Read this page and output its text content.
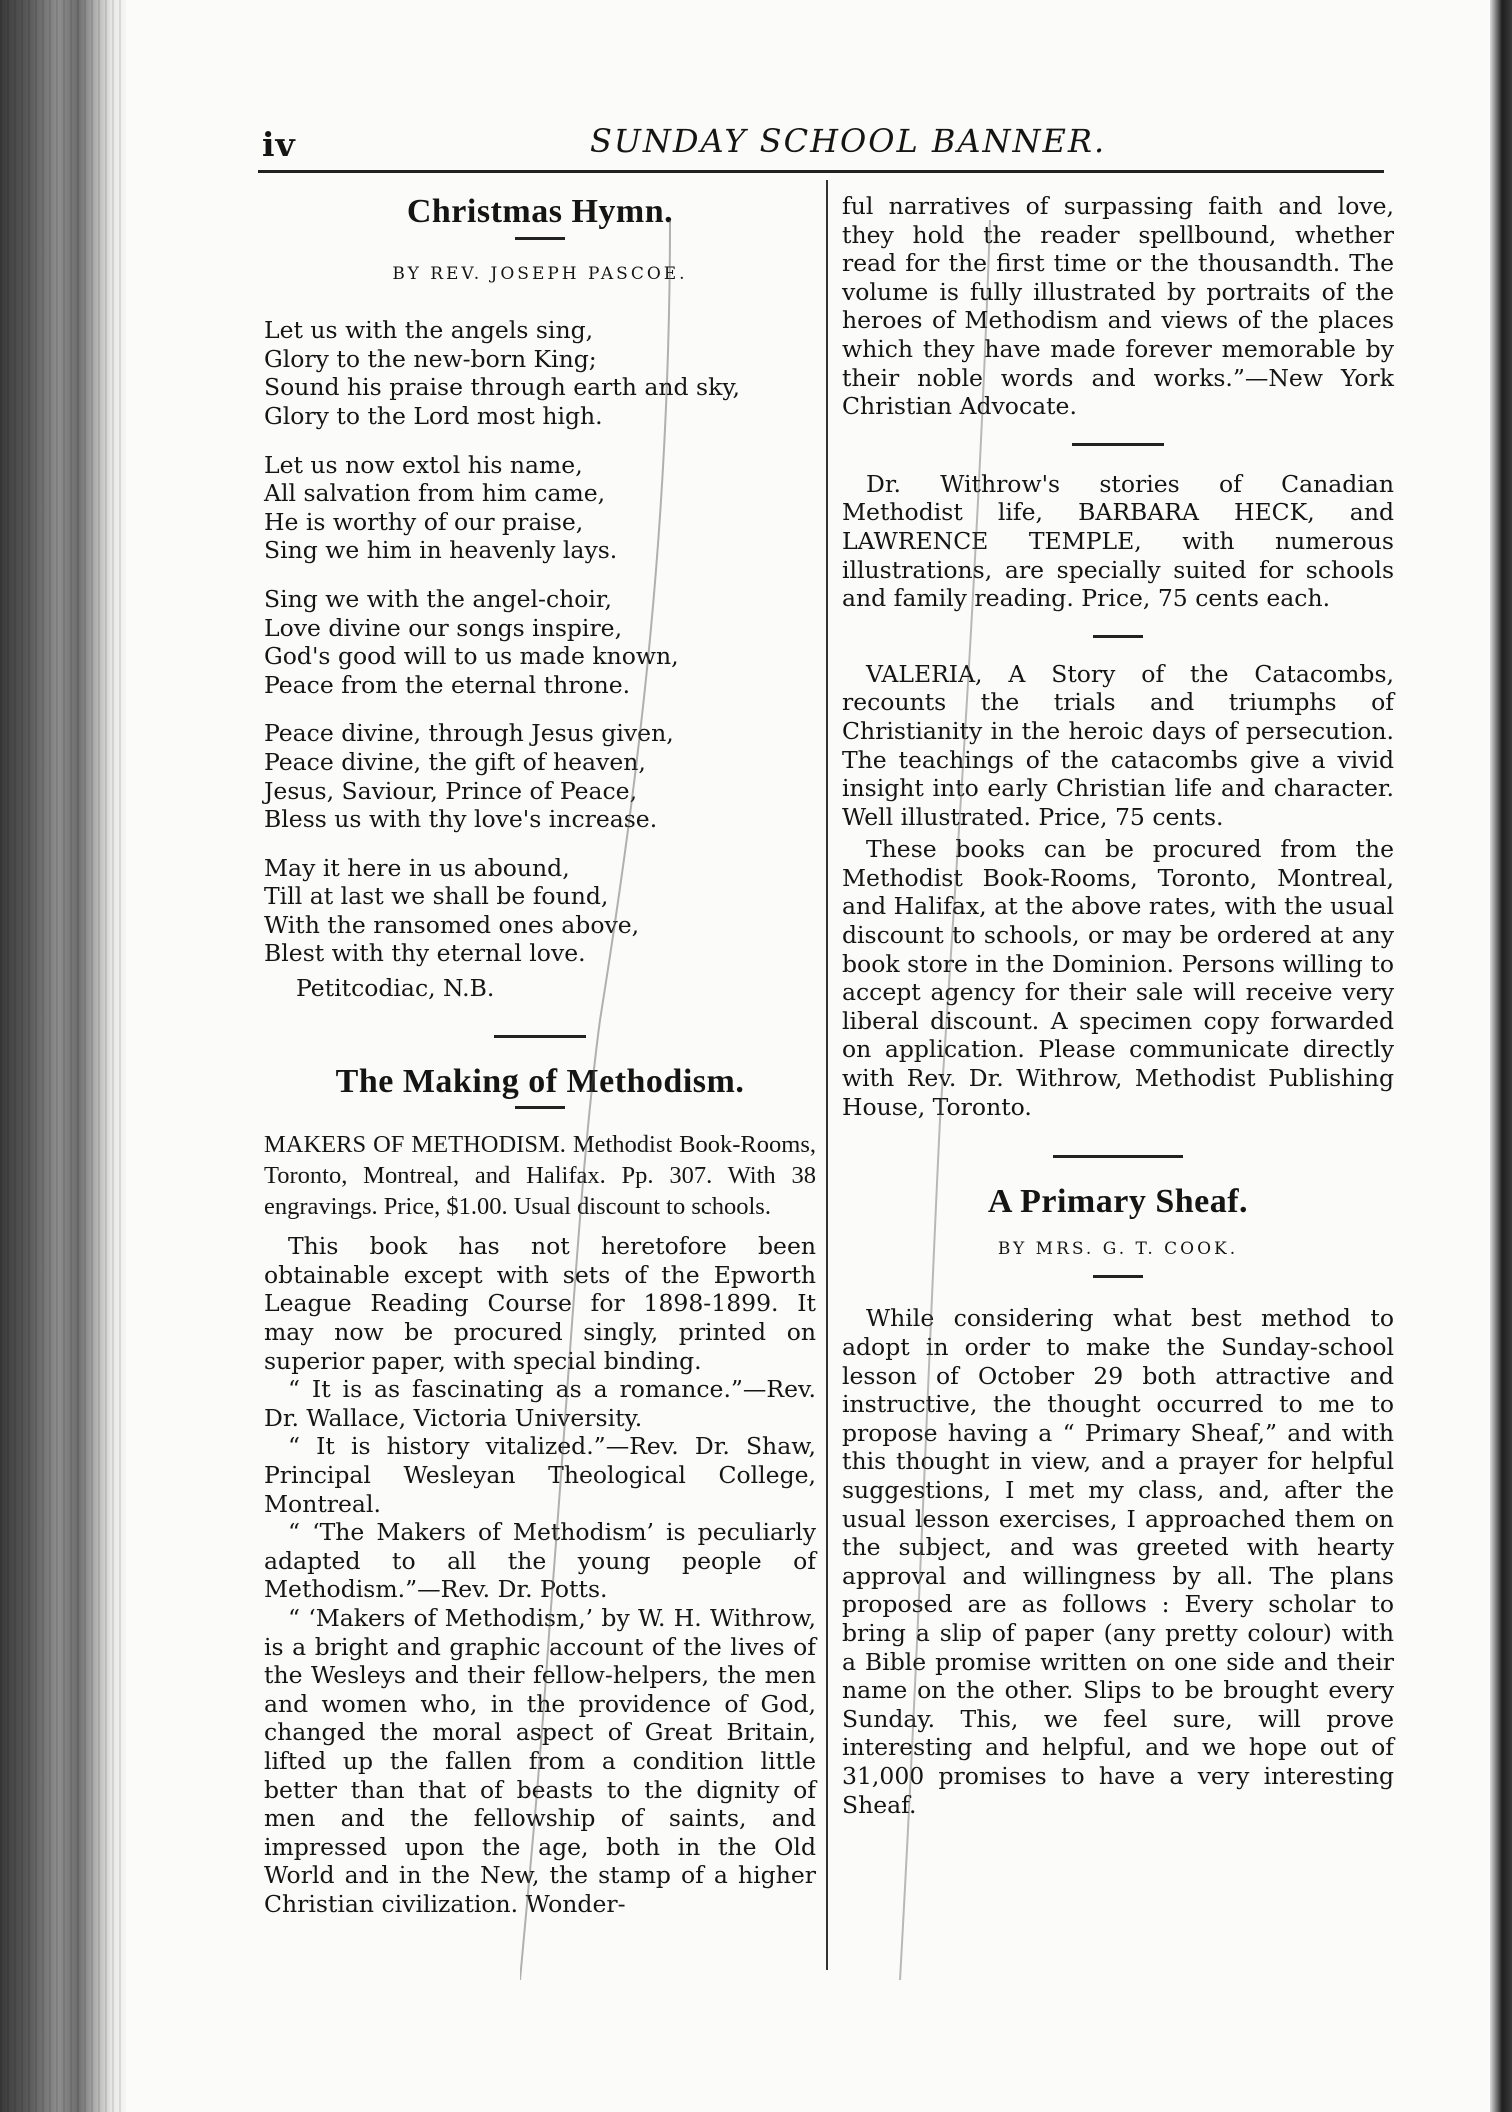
iv	SUNDAY SCHOOL BANNER.
Christmas Hymn.
BY REV. JOSEPH PASCOE.
Let us with the angels sing,
Glory to the new-born King;
Sound his praise through earth and sky,
Glory to the Lord most high.
Let us now extol his name,
All salvation from him came,
He is worthy of our praise,
Sing we him in heavenly lays.
Sing we with the angel-choir,
Love divine our songs inspire,
God's good will to us made known,
Peace from the eternal throne.
Peace divine, through Jesus given,
Peace divine, the gift of heaven,
Jesus, Saviour, Prince of Peace,
Bless us with thy love's increase.
May it here in us abound,
Till at last we shall be found,
With the ransomed ones above,
Blest with thy eternal love.
Petitcodiac, N.B.
The Making of Methodism.

MAKERS OF METHODISM. Methodist Book-Rooms, Toronto, Montreal, and Halifax. Pp. 307. With 38 engravings. Price, $1.00. Usual discount to schools.

This book has not heretofore been obtainable except with sets of the Epworth League Reading Course for 1898-1899. It may now be procured singly, printed on superior paper, with special binding.

“ It is as fascinating as a romance.”—Rev. Dr. Wallace, Victoria University.

“ It is history vitalized.”—Rev. Dr. Shaw, Principal Wesleyan Theological College, Montreal.

“ ‘The Makers of Methodism’ is peculiarly adapted to all the young people of Methodism.”—Rev. Dr. Potts.

“ ‘Makers of Methodism,’ by W. H. Withrow, is a bright and graphic account of the lives of the Wesleys and their fellow-helpers, the men and women who, in the providence of God, changed the moral aspect of Great Britain, lifted up the fallen from a condition little better than that of beasts to the dignity of men and the fellowship of saints, and impressed upon the age, both in the Old World and in the New, the stamp of a higher Christian civilization. Wonder-

ful narratives of surpassing faith and love, they hold the reader spellbound, whether read for the first time or the thousandth. The volume is fully illustrated by portraits of the heroes of Methodism and views of the places which they have made forever memorable by their noble words and works.”—New York Christian Advocate.

Dr. Withrow's stories of Canadian Methodist life, BARBARA HECK, and LAWRENCE TEMPLE, with numerous illustrations, are specially suited for schools and family reading. Price, 75 cents each.

VALERIA, A Story of the Catacombs, recounts the trials and triumphs of Christianity in the heroic days of persecution. The teachings of the catacombs give a vivid insight into early Christian life and character. Well illustrated. Price, 75 cents.

These books can be procured from the Methodist Book-Rooms, Toronto, Montreal, and Halifax, at the above rates, with the usual discount to schools, or may be ordered at any book store in the Dominion. Persons willing to accept agency for their sale will receive very liberal discount. A specimen copy forwarded on application. Please communicate directly with Rev. Dr. Withrow, Methodist Publishing House, Toronto.

A Primary Sheaf.
BY MRS. G. T. COOK.

While considering what best method to adopt in order to make the Sunday-school lesson of October 29 both attractive and instructive, the thought occurred to me to propose having a “ Primary Sheaf,” and with this thought in view, and a prayer for helpful suggestions, I met my class, and, after the usual lesson exercises, I approached them on the subject, and was greeted with hearty approval and willingness by all. The plans proposed are as follows : Every scholar to bring a slip of paper (any pretty colour) with a Bible promise written on one side and their name on the other. Slips to be brought every Sunday. This, we feel sure, will prove interesting and helpful, and we hope out of 31,000 promises to have a very interesting Sheaf.
